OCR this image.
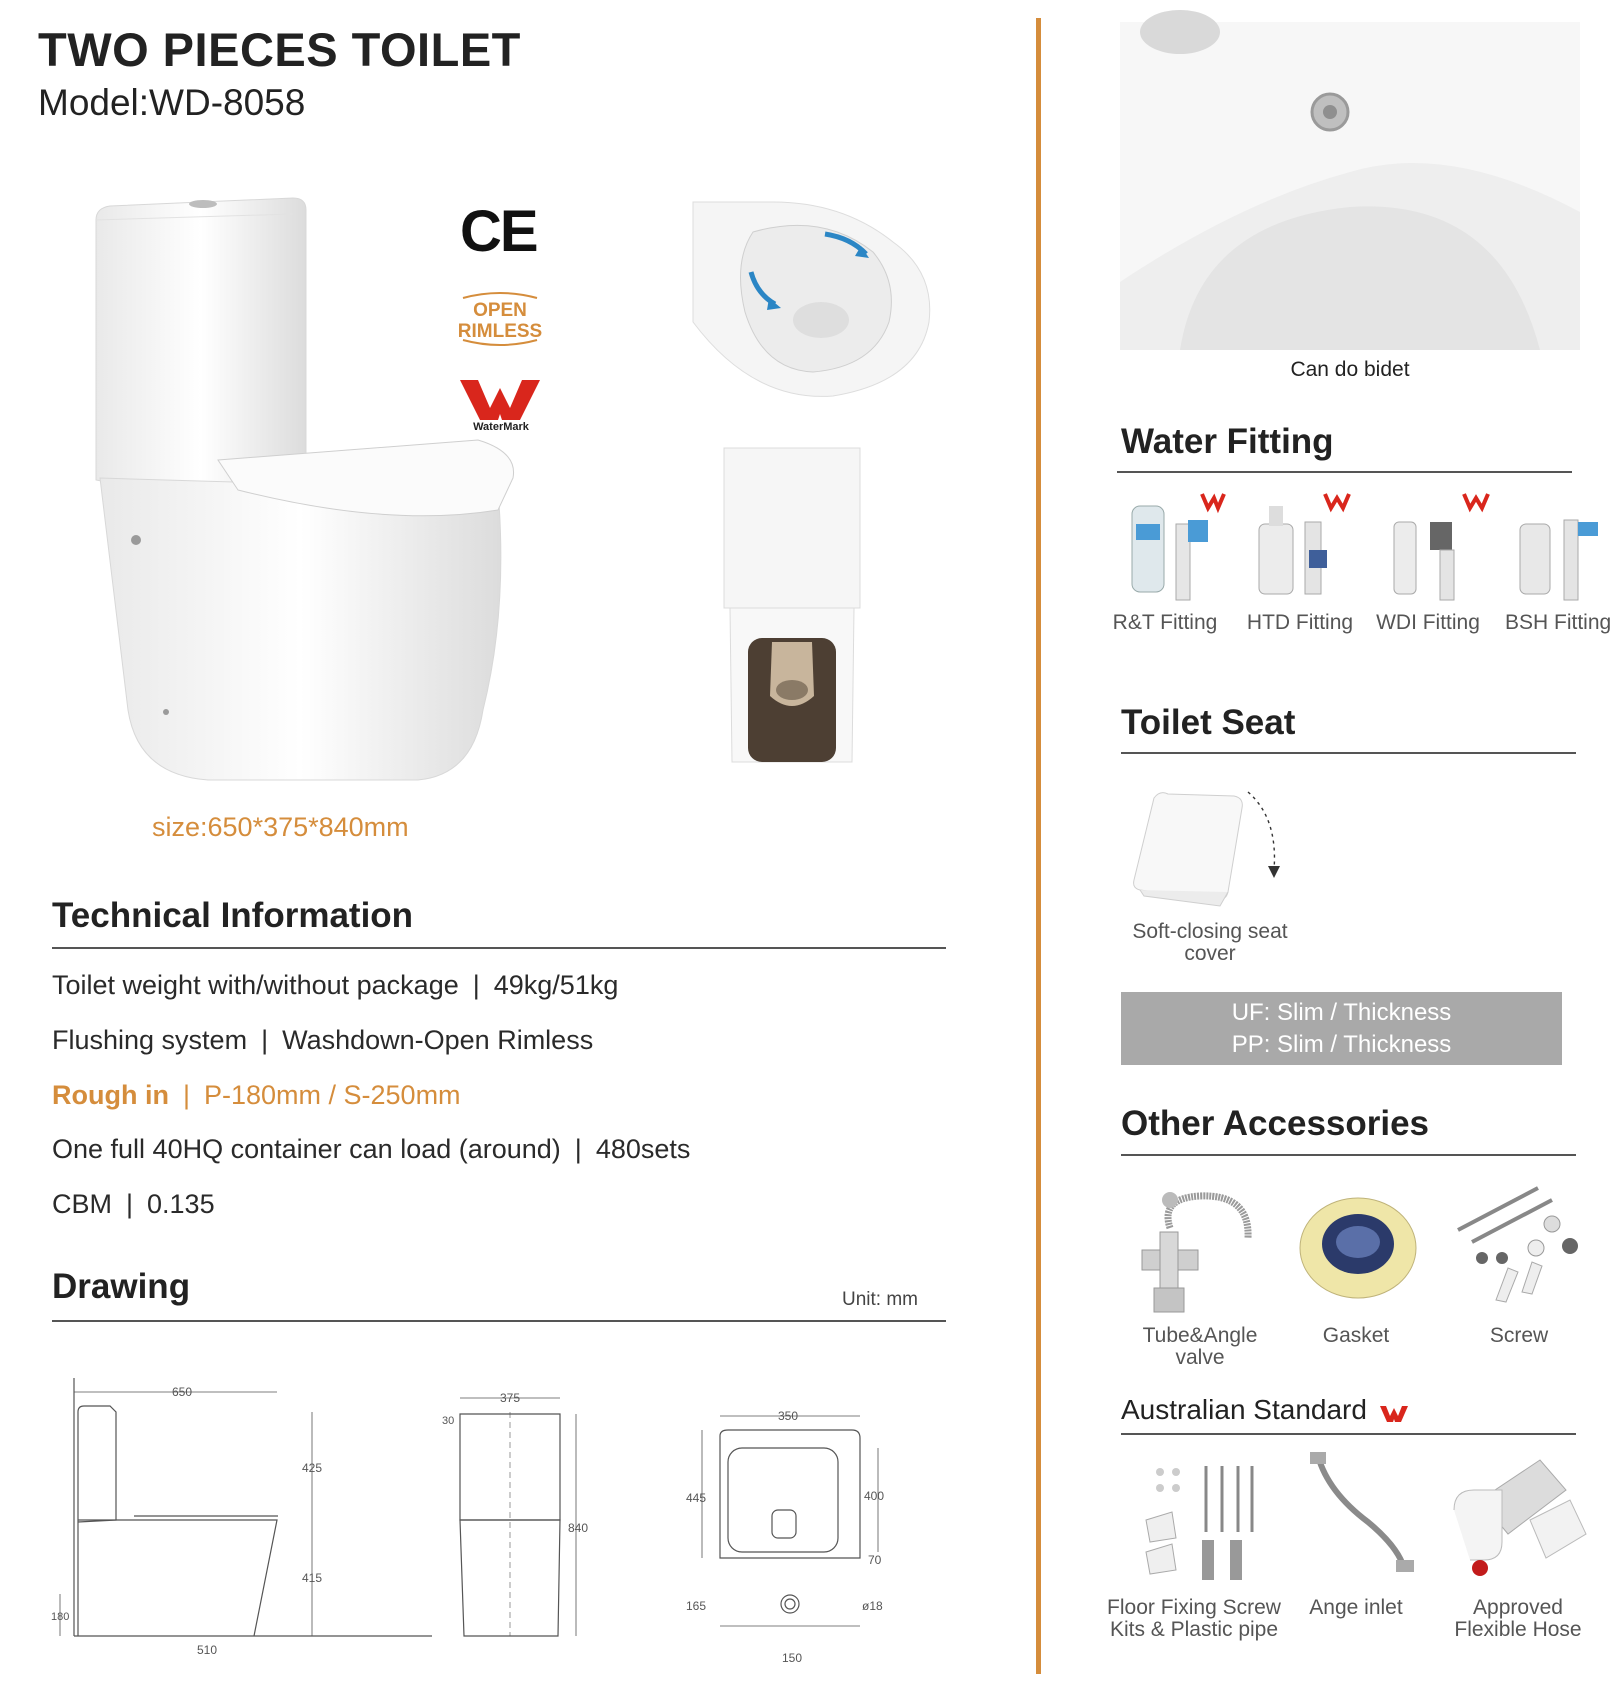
TWO PIECES TOILET
Model:WD-8058
CE
OPEN
RIMLESS
WaterMark
size:650*375*840mm
Technical Information
Toilet weight with/without package | 49kg/51kg
Flushing system | Washdown-Open Rimless
Rough in | P-180mm / S-250mm
One full 40HQ container can load (around) | 480sets
CBM | 0.135
Drawing	Unit: mm
650
425
415
180
510
375
30
840
350
445	400
70
165	ø18
150
Can do bidet
Water Fitting
R&T Fitting	HTD Fitting	WDI Fitting BSH Fitting
Toilet Seat
Soft-closing seat cover
UF: Slim / Thickness
PP: Slim / Thickness
Other Accessories
Tube&Angle valve
Gasket	Screw
Australian Standard
Floor Fixing Screw Kits & Plastic pipe
Ange inlet	Approved Flexible Hose
